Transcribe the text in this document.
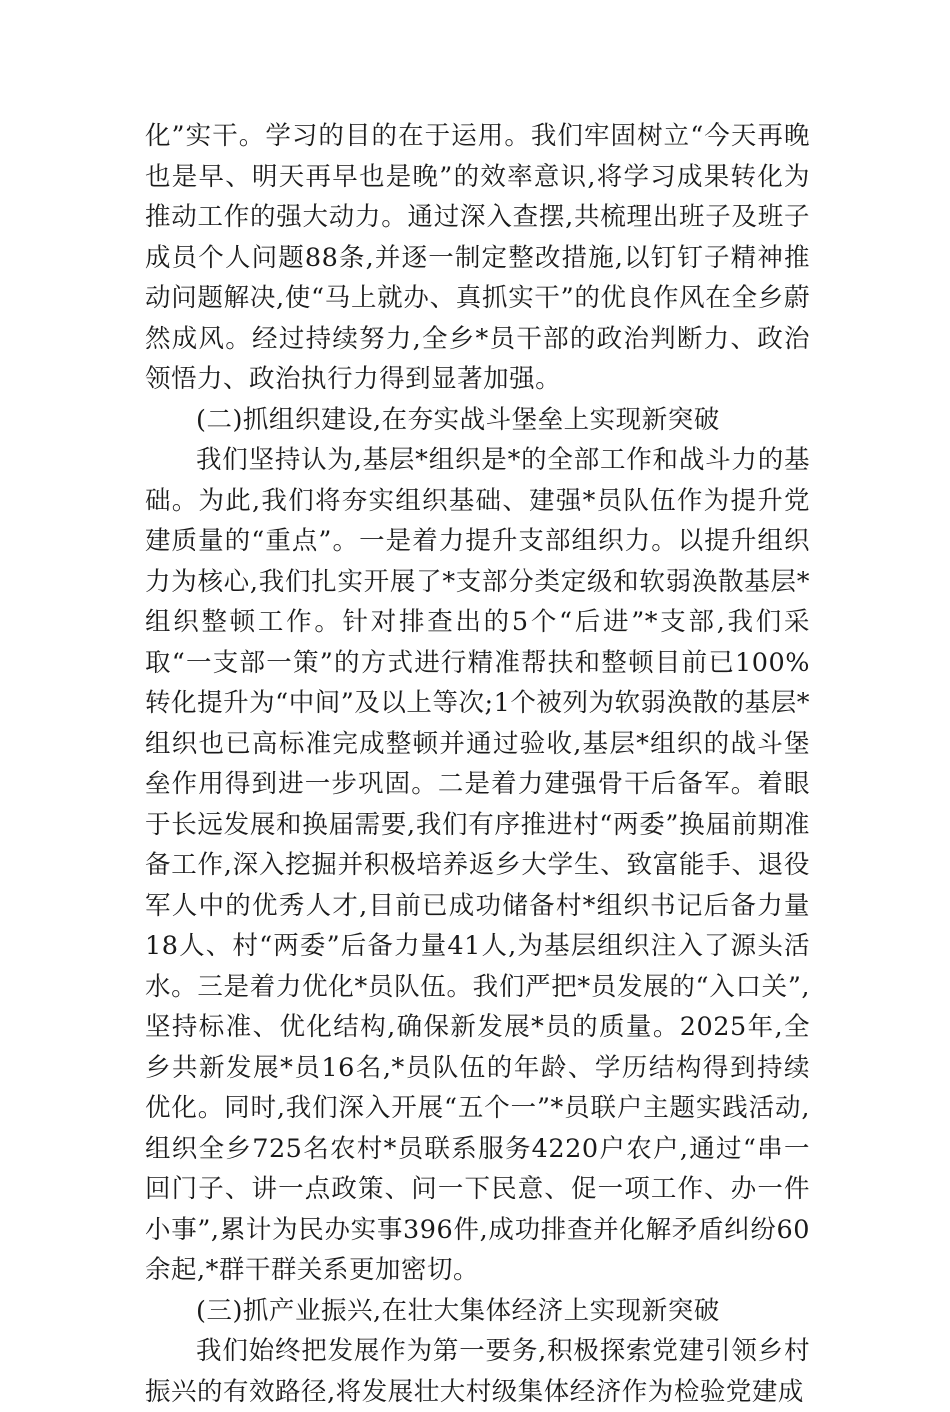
化”实干。学习的目的在于运用。我们牢固树立“今天再晚也是早、明天再早也是晚”的效率意识,将学习成果转化为推动工作的强大动力。通过深入查摆,共梳理出班子及班子成员个人问题88条,并逐一制定整改措施,以钉钉子精神推动问题解决,使“马上就办、真抓实干”的优良作风在全乡蔚然成风。经过持续努力,全乡*员干部的政治判断力、政治领悟力、政治执行力得到显著加强。

(二)抓组织建设,在夯实战斗堡垒上实现新突破

我们坚持认为,基层*组织是*的全部工作和战斗力的基础。为此,我们将夯实组织基础、建强*员队伍作为提升党建质量的“重点”。一是着力提升支部组织力。以提升组织力为核心,我们扎实开展了*支部分类定级和软弱涣散基层*组织整顿工作。针对排查出的5个“后进”*支部,我们采取“一支部一策”的方式进行精准帮扶和整顿目前已100%转化提升为“中间”及以上等次;1个被列为软弱涣散的基层*组织也已高标准完成整顿并通过验收,基层*组织的战斗堡垒作用得到进一步巩固。二是着力建强骨干后备军。着眼于长远发展和换届需要,我们有序推进村“两委”换届前期准备工作,深入挖掘并积极培养返乡大学生、致富能手、退役军人中的优秀人才,目前已成功储备村*组织书记后备力量18人、村“两委”后备力量41人,为基层组织注入了源头活水。三是着力优化*员队伍。我们严把*员发展的“入口关”,坚持标准、优化结构,确保新发展*员的质量。2025年,全乡共新发展*员16名,*员队伍的年龄、学历结构得到持续优化。同时,我们深入开展“五个一”*员联户主题实践活动,组织全乡725名农村*员联系服务4220户农户,通过“串一回门子、讲一点政策、问一下民意、促一项工作、办一件小事”,累计为民办实事396件,成功排查并化解矛盾纠纷60余起,*群干群关系更加密切。

(三)抓产业振兴,在壮大集体经济上实现新突破

我们始终把发展作为第一要务,积极探索党建引领乡村振兴的有效路径,将发展壮大村级集体经济作为检验党建成
